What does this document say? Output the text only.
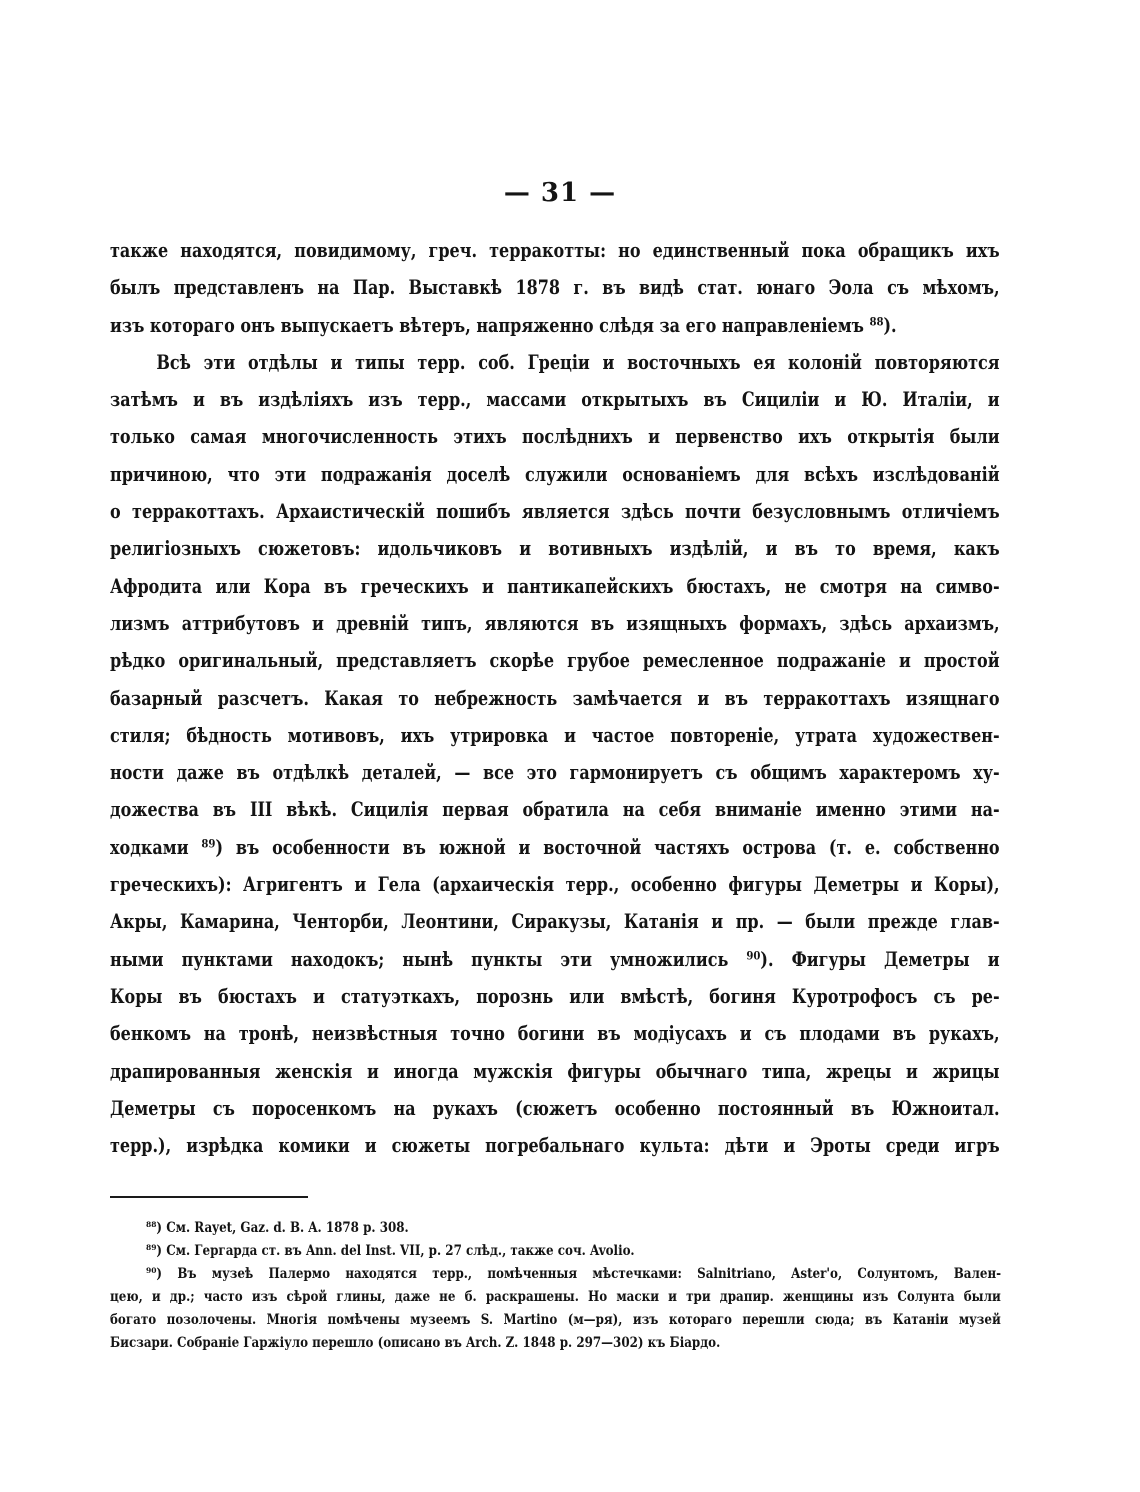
— 31 —
также находятся, повидимому, греч. терракотты: но единственный пока обращикъ ихъ
былъ представленъ на Пар. Выставкѣ 1878 г. въ видѣ стат. юнаго Эола съ мѣхомъ,
изъ котораго онъ выпускаетъ вѣтеръ, напряженно слѣдя за его направленіемъ ⁸⁸).
Всѣ эти отдѣлы и типы терр. соб. Греціи и восточныхъ ея колоній повторяются
затѣмъ и въ издѣліяхъ изъ терр., массами открытыхъ въ Сициліи и Ю. Италіи, и
только самая многочисленность этихъ послѣднихъ и первенство ихъ открытія были
причиною, что эти подражанія доселѣ служили основаніемъ для всѣхъ изслѣдованій
о терракоттахъ. Архаистическій пошибъ является здѣсь почти безусловнымъ отличіемъ
религіозныхъ сюжетовъ: идольчиковъ и вотивныхъ издѣлій, и въ то время, какъ
Афродита или Кора въ греческихъ и пантикапейскихъ бюстахъ, не смотря на симво-
лизмъ аттрибутовъ и древній типъ, являются въ изящныхъ формахъ, здѣсь архаизмъ,
рѣдко оригинальный, представляетъ скорѣе грубое ремесленное подражаніе и простой
базарный разсчетъ. Какая то небрежность замѣчается и въ терракоттахъ изящнаго
стиля; бѣдность мотивовъ, ихъ утрировка и частое повтореніе, утрата художествен-
ности даже въ отдѣлкѣ деталей, — все это гармонируетъ съ общимъ характеромъ ху-
дожества въ III вѣкѣ. Сицилія первая обратила на себя вниманіе именно этими на-
ходками ⁸⁹) въ особенности въ южной и восточной частяхъ острова (т. е. собственно
греческихъ): Агригентъ и Гела (архаическія терр., особенно фигуры Деметры и Коры),
Акры, Камарина, Ченторби, Леонтини, Сиракузы, Катанія и пр. — были прежде глав-
ными пунктами находокъ; нынѣ пункты эти умножились ⁹⁰). Фигуры Деметры и
Коры въ бюстахъ и статуэткахъ, порознь или вмѣстѣ, богиня Куротрофосъ съ ре-
бенкомъ на тронѣ, неизвѣстныя точно богини въ модіусахъ и съ плодами въ рукахъ,
драпированныя женскія и иногда мужскія фигуры обычнаго типа, жрецы и жрицы
Деметры съ поросенкомъ на рукахъ (сюжетъ особенно постоянный въ Южноитал.
терр.), изрѣдка комики и сюжеты погребальнаго культа: дѣти и Эроты среди игръ
⁸⁸) См. Rayet, Gaz. d. B. A. 1878 p. 308.
⁸⁹) См. Гергарда ст. въ Ann. del Inst. VII, p. 27 слѣд., также соч. Avolio.
⁹⁰) Въ музеѣ Палермо находятся терр., помѣченныя мѣстечками: Salnitriano, Aster'o, Солунтомъ, Вален-
цею, и др.; часто изъ сѣрой глины, даже не б. раскрашены. Но маски и три драпир. женщины изъ Солунта были
богато позолочены. Многія помѣчены музеемъ S. Martino (м—ря), изъ котораго перешли сюда; въ Катаніи музей
Бисзари. Собраніе Гаржіуло перешло (описано въ Arch. Z. 1848 p. 297—302) къ Біардо.
